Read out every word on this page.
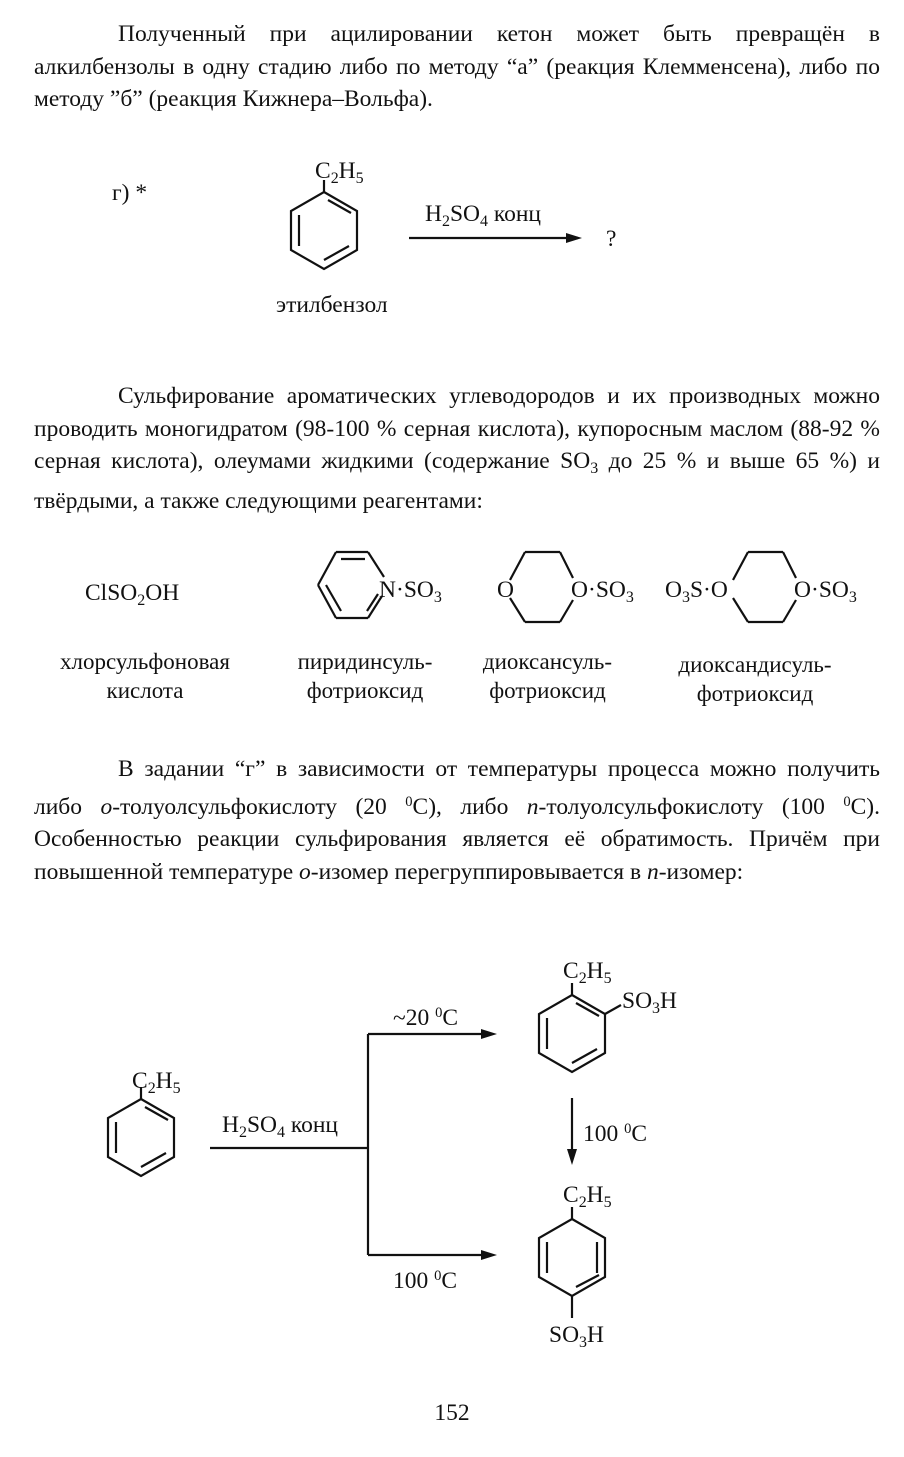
Полученный при ацилировании кетон может быть превращён в алкилбензолы в одну стадию либо по методу “а” (реакция Клемменсена), либо по методу ”б” (реакция Кижнера–Вольфа).

г) *
$C_2H_5$
$H_2SO_4$ конц
?
этилбензол

Сульфирование ароматических углеводородов и их производных можно проводить моногидратом (98-100 % серная кислота), купоросным маслом (88-92 % серная кислота), олеумами жидкими (содержание $SO_3$ до 25 % и выше 65 %) и твёрдыми, а также следующими реагентами:

ClSO$_2$OH	$N\cdot SO_3$ O $O\cdot SO_3$ $O_3S\cdot O$	$O\cdot SO_3$
хлорсульфоновая
кислота
пиридинсуль-
фотриоксид
диоксансуль-
фотриоксид
диоксандисуль-
фотриоксид

В задании “г” в зависимости от температуры процесса можно получить либо о-толуолсульфокислоту (20 $^0$С), либо п-толуолсульфокислоту (100 $^0$С). Особенностью реакции сульфирования является её обратимость. Причём при повышенной температуре о-изомер перегруппировывается в п-изомер:

$C_2H_5$
$H_2SO_4$ конц
~20 $^0$C
100 $^0$C
100 $^0$C
$C_2H_5$
$SO_3H$
$C_2H_5$
$SO_3H$
152
